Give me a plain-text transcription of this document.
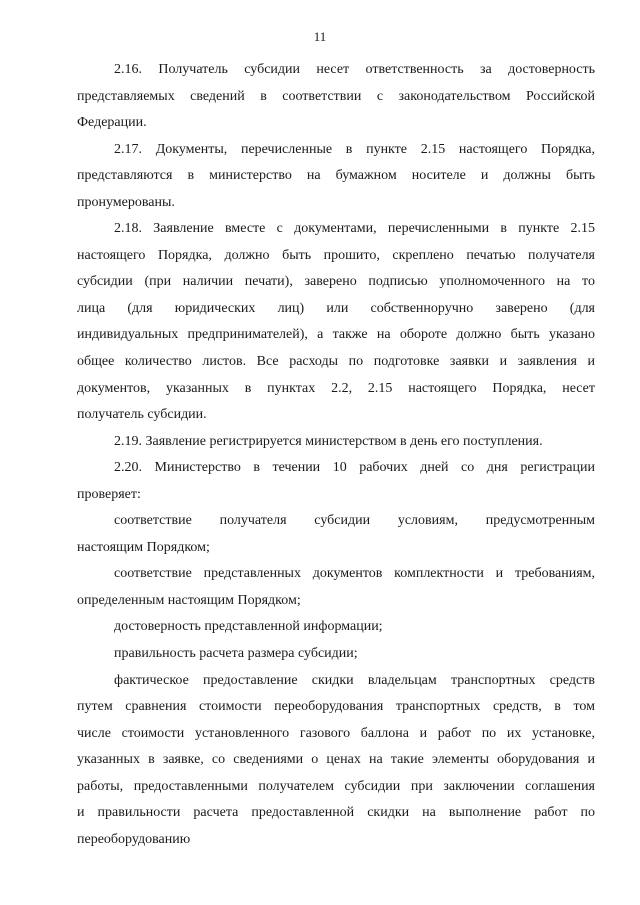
11
2.16. Получатель субсидии несет ответственность за достоверность
представляемых сведений в соответствии с законодательством Российской
Федерации.
2.17. Документы, перечисленные в пункте 2.15 настоящего Порядка,
представляются в министерство на бумажном носителе и должны быть
пронумерованы.
2.18. Заявление вместе с документами, перечисленными в пункте 2.15
настоящего Порядка, должно быть прошито, скреплено печатью получателя
субсидии (при наличии печати), заверено подписью уполномоченного на то
лица (для юридических лиц) или собственноручно заверено (для
индивидуальных предпринимателей), а также на обороте должно быть указано
общее количество листов. Все расходы по подготовке заявки и заявления и
документов, указанных в пунктах 2.2, 2.15 настоящего Порядка, несет
получатель субсидии.
2.19. Заявление регистрируется министерством в день его поступления.
2.20. Министерство в течении 10 рабочих дней со дня регистрации
проверяет:
соответствие получателя субсидии условиям, предусмотренным
настоящим Порядком;
соответствие представленных документов комплектности и требованиям,
определенным настоящим Порядком;
достоверность представленной информации;
правильность расчета размера субсидии;
фактическое предоставление скидки владельцам транспортных средств
путем сравнения стоимости переоборудования транспортных средств, в том
числе стоимости установленного газового баллона и работ по их установке,
указанных в заявке, со сведениями о ценах на такие элементы оборудования и
работы, предоставленными получателем субсидии при заключении соглашения
и правильности расчета предоставленной скидки на выполнение работ по
переоборудованию
